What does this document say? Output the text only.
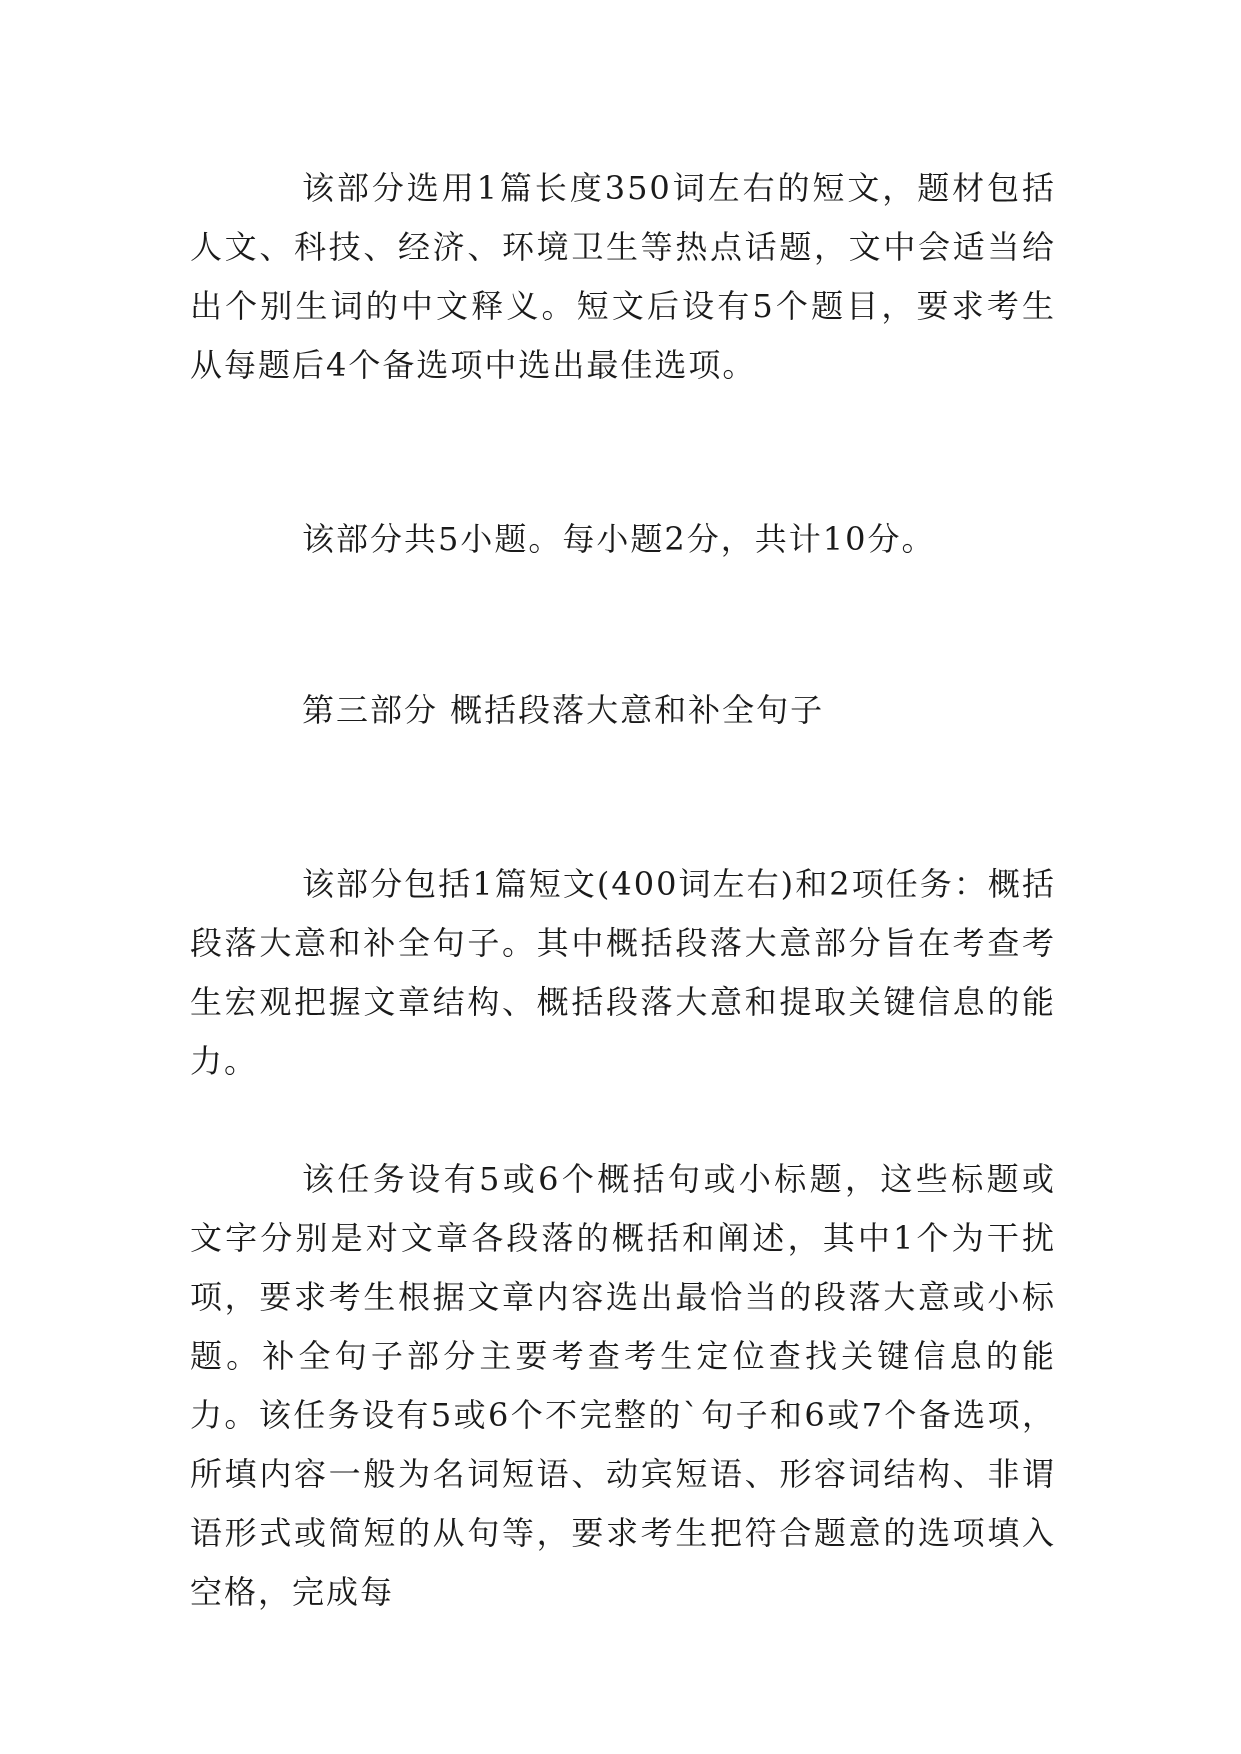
该部分选用1篇长度350词左右的短文，题材包括人文、科技、经济、环境卫生等热点话题，文中会适当给出个别生词的中文释义。短文后设有5个题目，要求考生从每题后4个备选项中选出最佳选项。

该部分共5小题。每小题2分，共计10分。

第三部分 概括段落大意和补全句子

该部分包括1篇短文(400词左右)和2项任务：概括段落大意和补全句子。其中概括段落大意部分旨在考查考生宏观把握文章结构、概括段落大意和提取关键信息的能力。

该任务设有5或6个概括句或小标题，这些标题或文字分别是对文章各段落的概括和阐述，其中1个为干扰项，要求考生根据文章内容选出最恰当的段落大意或小标题。补全句子部分主要考查考生定位查找关键信息的能力。该任务设有5或6个不完整的`句子和6或7个备选项，所填内容一般为名词短语、动宾短语、形容词结构、非谓语形式或简短的从句等，要求考生把符合题意的选项填入空格，完成每
